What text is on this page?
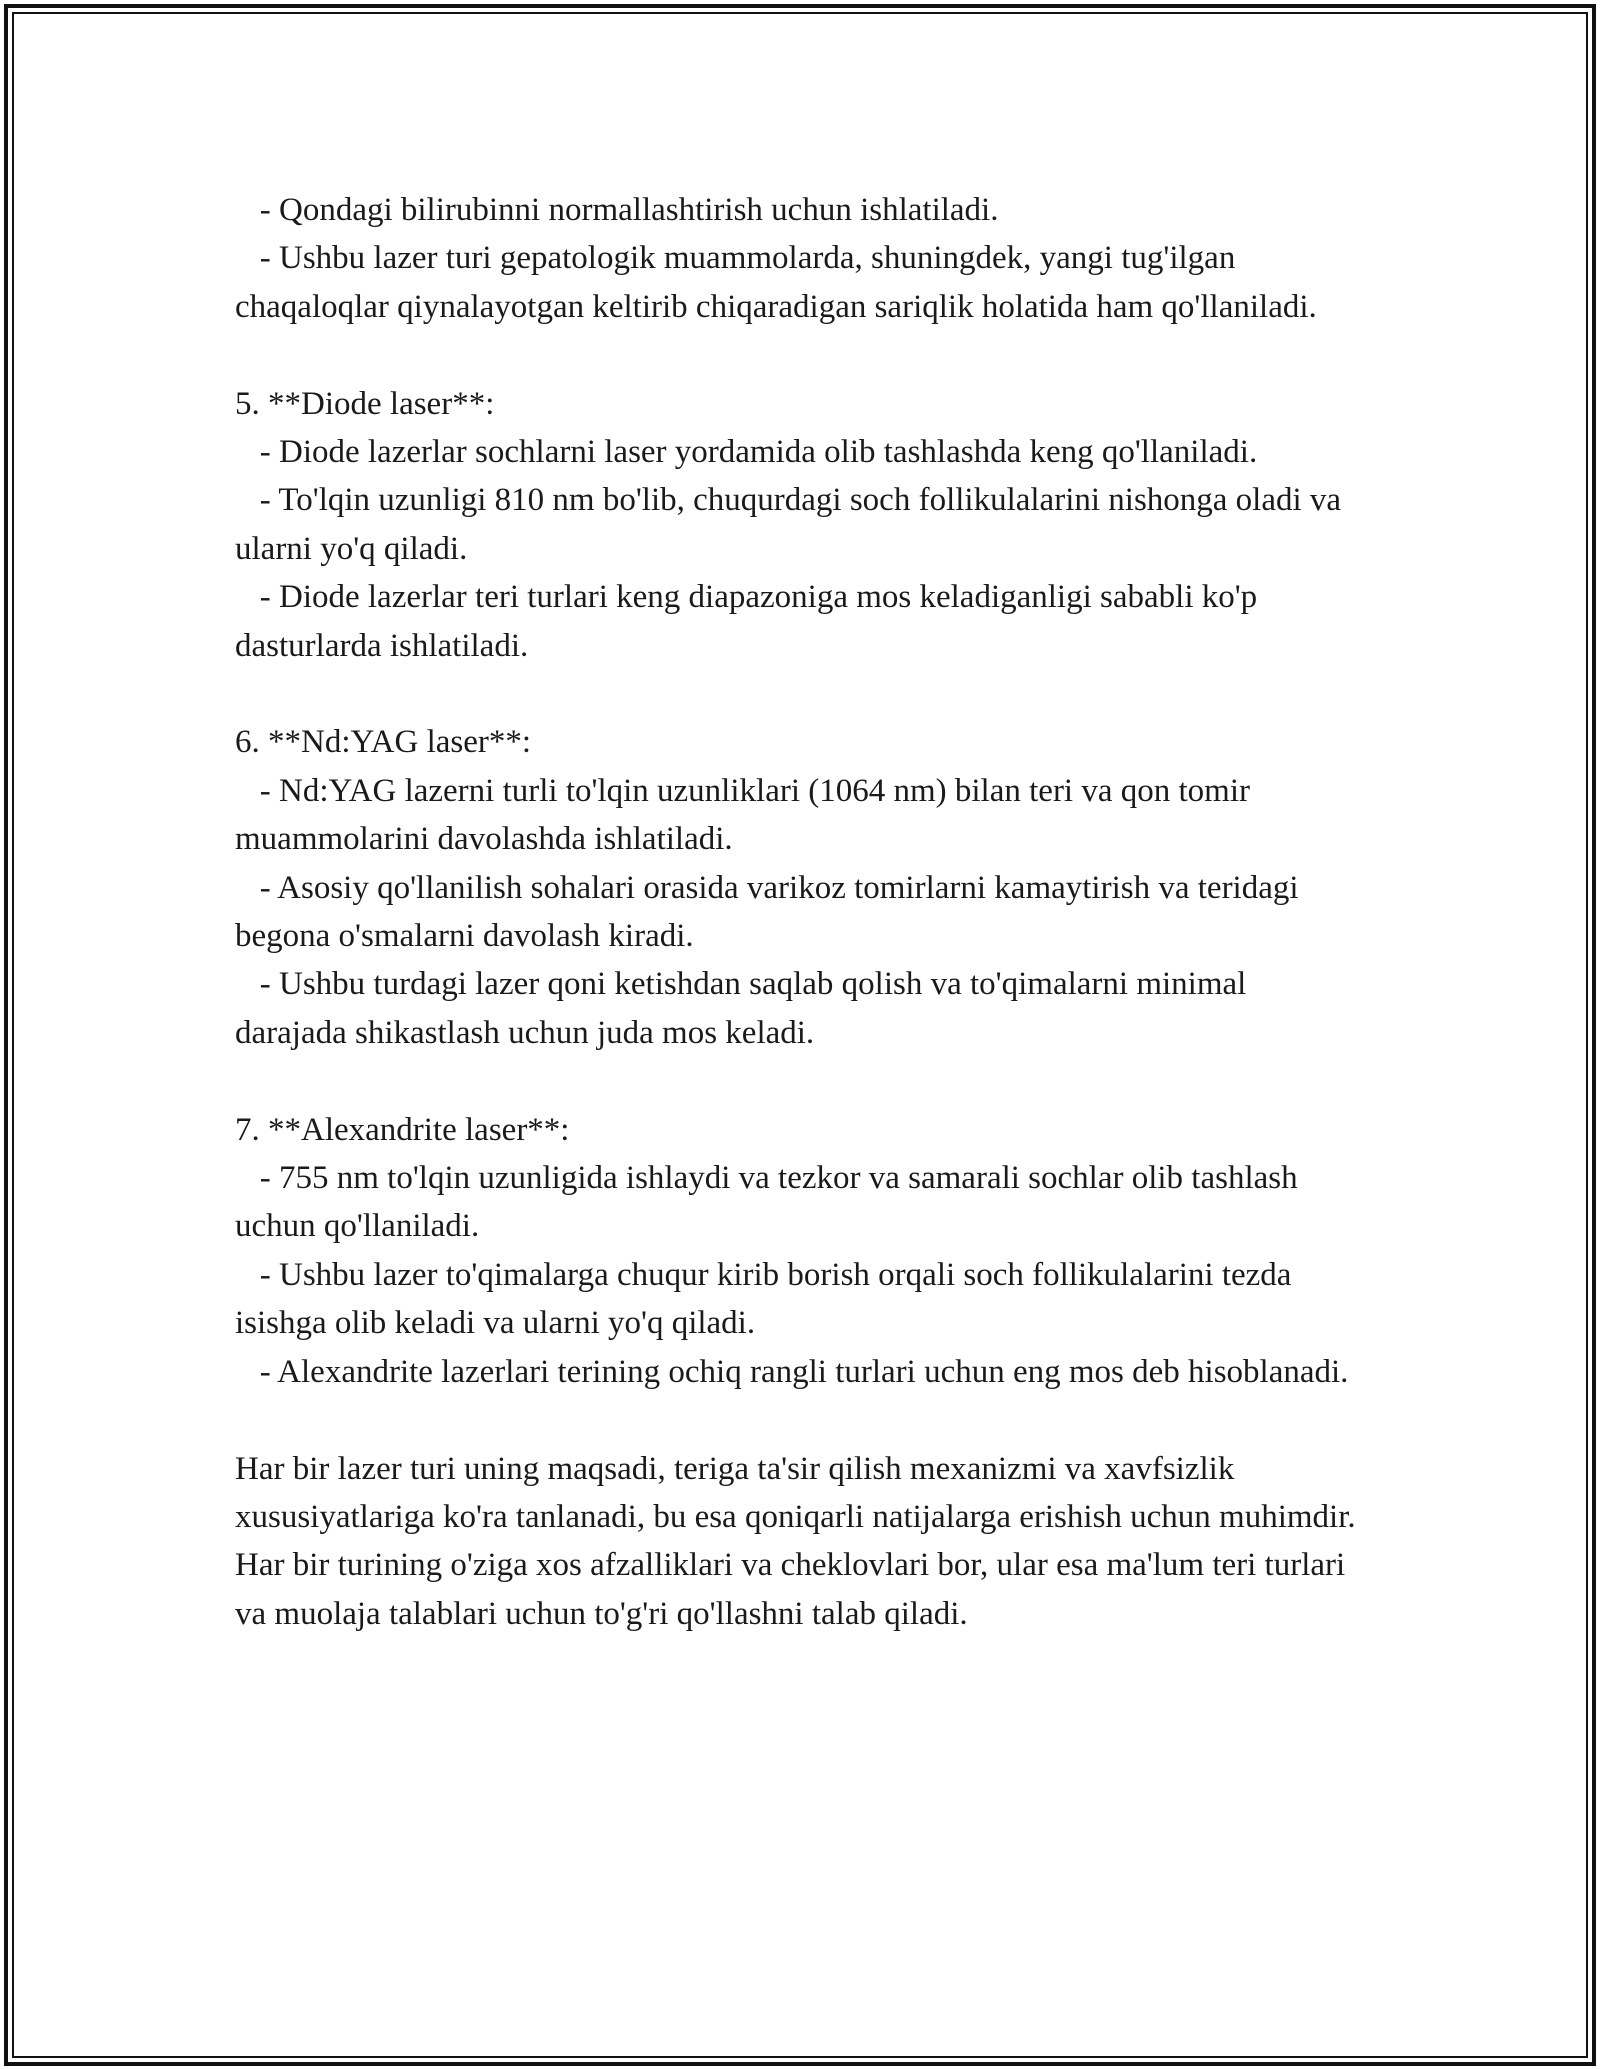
- Qondagi bilirubinni normallashtirish uchun ishlatiladi.

- Ushbu lazer turi gepatologik muammolarda, shuningdek, yangi tug'ilgan chaqaloqlar qiynalayotgan keltirib chiqaradigan sariqlik holatida ham qo'llaniladi.

5. **Diode laser**:

- Diode lazerlar sochlarni laser yordamida olib tashlashda keng qo'llaniladi.

- To'lqin uzunligi 810 nm bo'lib, chuqurdagi soch follikulalarini nishonga oladi va ularni yo'q qiladi.

- Diode lazerlar teri turlari keng diapazoniga mos keladiganligi sababli ko'p dasturlarda ishlatiladi.

6. **Nd:YAG laser**:

- Nd:YAG lazerni turli to'lqin uzunliklari (1064 nm) bilan teri va qon tomir muammolarini davolashda ishlatiladi.

- Asosiy qo'llanilish sohalari orasida varikoz tomirlarni kamaytirish va teridagi begona o'smalarni davolash kiradi.

- Ushbu turdagi lazer qoni ketishdan saqlab qolish va to'qimalarni minimal darajada shikastlash uchun juda mos keladi.

7. **Alexandrite laser**:

- 755 nm to'lqin uzunligida ishlaydi va tezkor va samarali sochlar olib tashlash uchun qo'llaniladi.

- Ushbu lazer to'qimalarga chuqur kirib borish orqali soch follikulalarini tezda isishga olib keladi va ularni yo'q qiladi.

- Alexandrite lazerlari terining ochiq rangli turlari uchun eng mos deb hisoblanadi.

Har bir lazer turi uning maqsadi, teriga ta'sir qilish mexanizmi va xavfsizlik xususiyatlariga ko'ra tanlanadi, bu esa qoniqarli natijalarga erishish uchun muhimdir. Har bir turining o'ziga xos afzalliklari va cheklovlari bor, ular esa ma'lum teri turlari va muolaja talablari uchun to'g'ri qo'llashni talab qiladi.
